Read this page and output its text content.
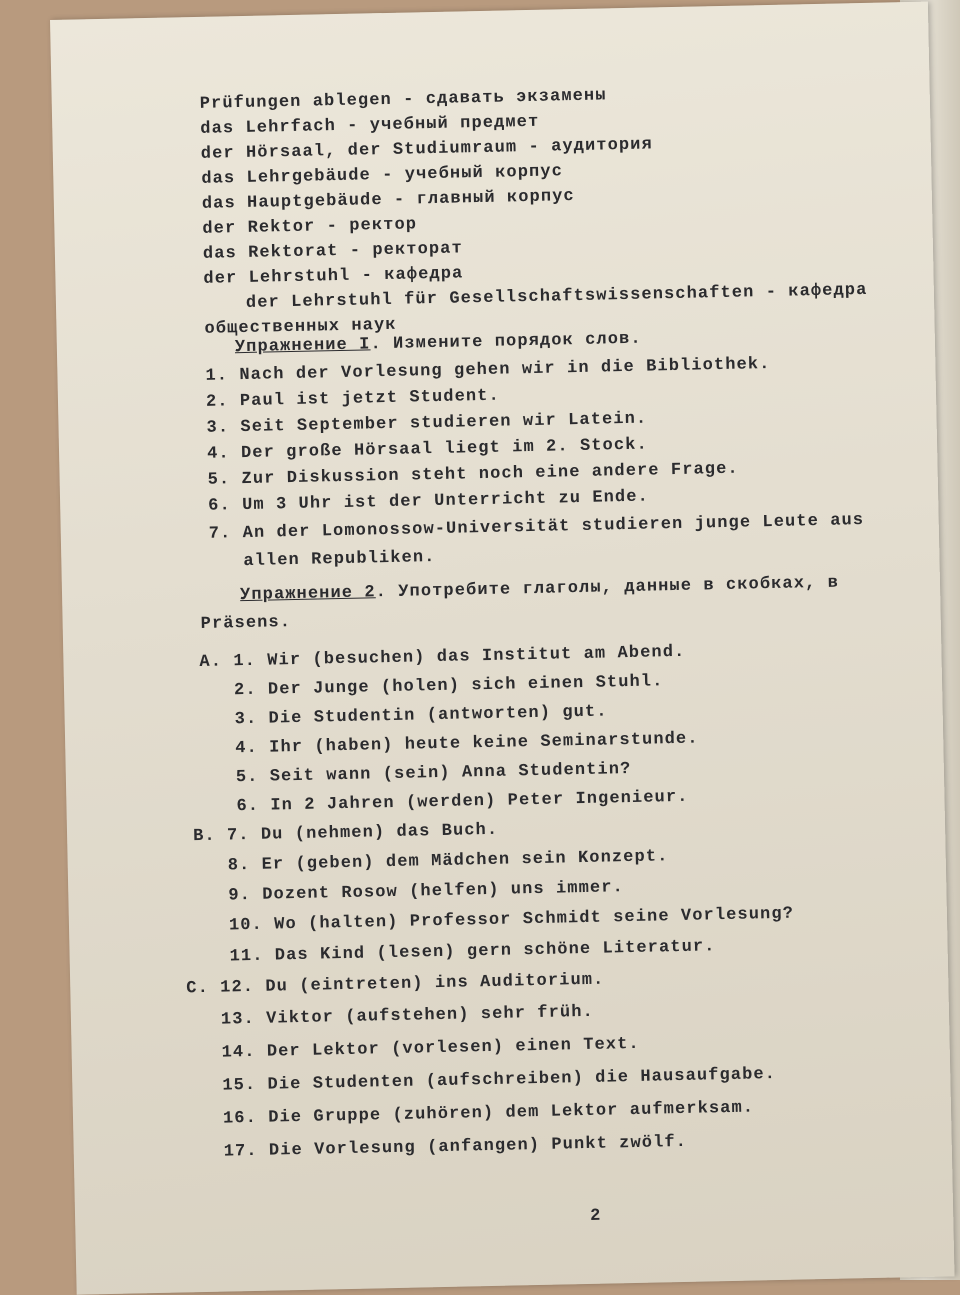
Prüfungen ablegen - сдавать экзамены
das Lehrfach - учебный предмет
der Hörsaal, der Studiumraum - аудитория
das Lehrgebäude - учебный корпус
das Hauptgebäude - главный корпус
der Rektor - ректор
das Rektorat - ректорат
der Lehrstuhl - кафедра
der Lehrstuhl für Gesellschaftswissenschaften - кафедра
общественных наук
Упражнение I. Измените порядок слов.
1. Nach der Vorlesung gehen wir in die Bibliothek.
2. Paul ist jetzt Student.
3. Seit September studieren wir Latein.
4. Der große Hörsaal liegt im 2. Stock.
5. Zur Diskussion steht noch eine andere Frage.
6. Um 3 Uhr ist der Unterricht zu Ende.
7. An der Lomonossow-Universität studieren junge Leute aus
allen Republiken.
Упражнение 2. Употребите глаголы, данные в скобках, в
Präsens.
A. 1. Wir (besuchen) das Institut am Abend.
2. Der Junge (holen) sich einen Stuhl.
3. Die Studentin (antworten) gut.
4. Ihr (haben) heute keine Seminarstunde.
5. Seit wann (sein) Anna Studentin?
6. In 2 Jahren (werden) Peter Ingenieur.
B. 7. Du (nehmen) das Buch.
8. Er (geben) dem Mädchen sein Konzept.
9. Dozent Rosow (helfen) uns immer.
10. Wo (halten) Professor Schmidt seine Vorlesung?
11. Das Kind (lesen) gern schöne Literatur.
C. 12. Du (eintreten) ins Auditorium.
13. Viktor (aufstehen) sehr früh.
14. Der Lektor (vorlesen) einen Text.
15. Die Studenten (aufschreiben) die Hausaufgabe.
16. Die Gruppe (zuhören) dem Lektor aufmerksam.
17. Die Vorlesung (anfangen) Punkt zwölf.
2
